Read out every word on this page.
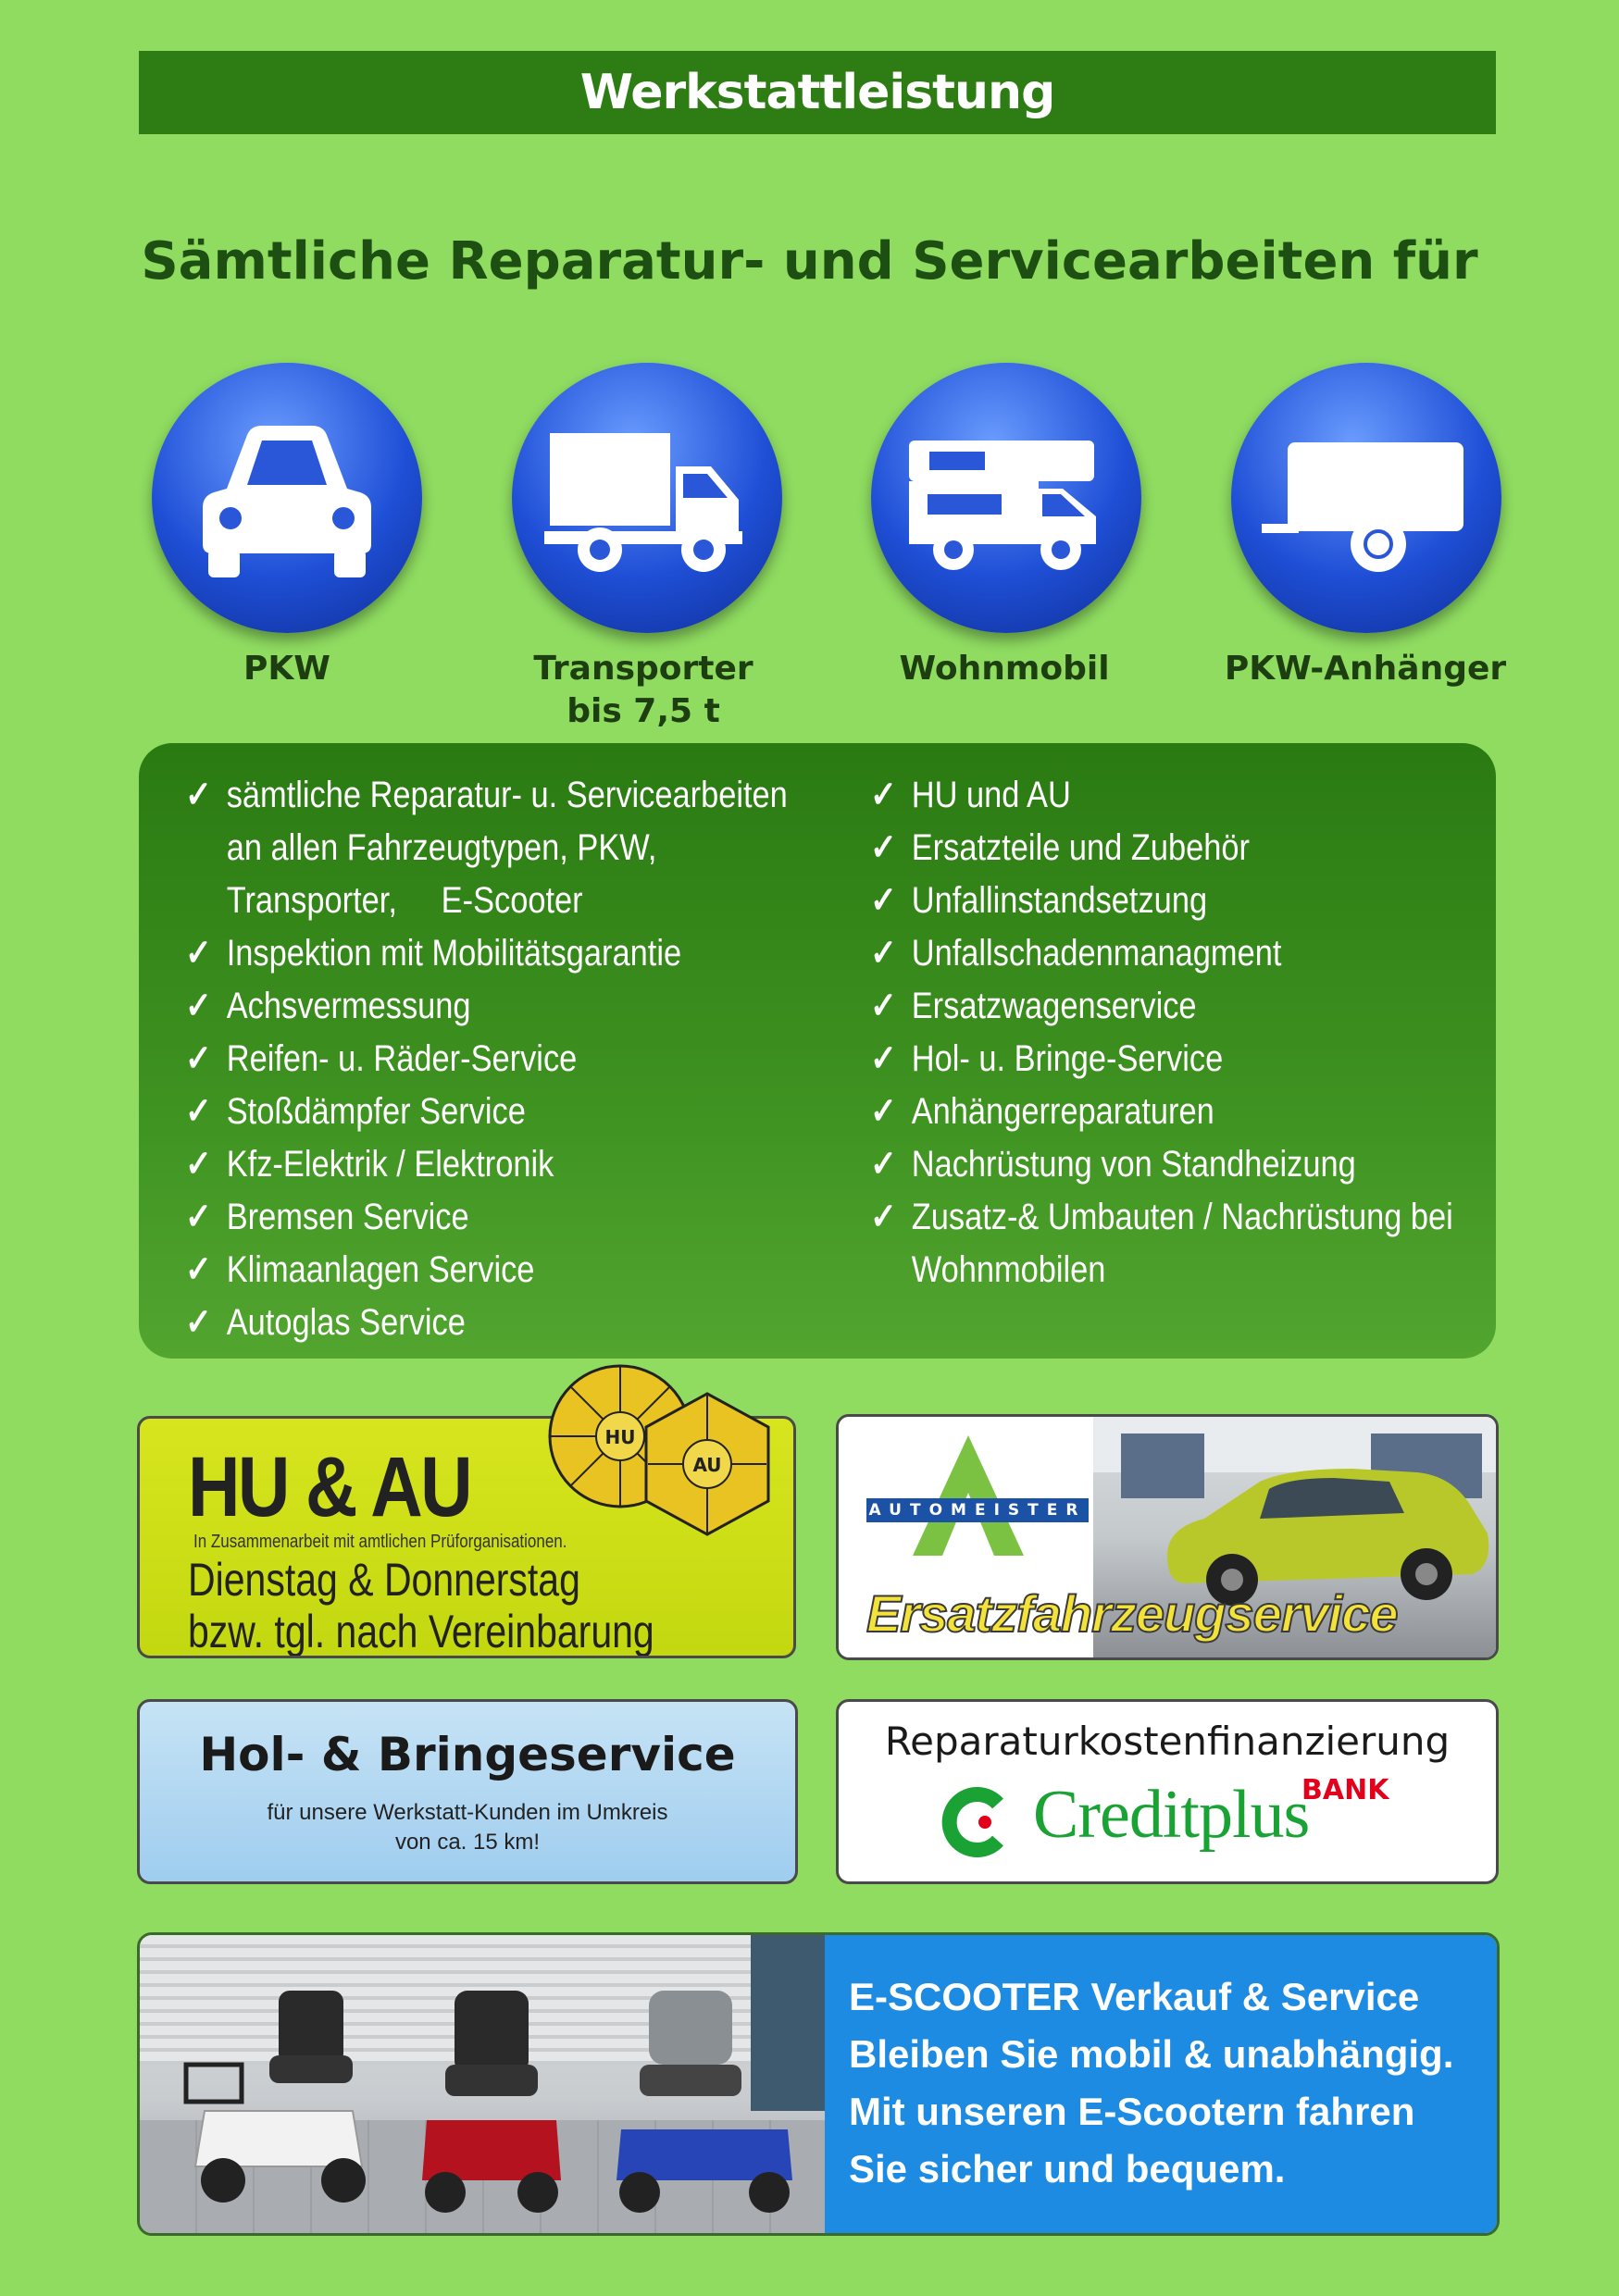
Werkstattleistung
Sämtliche Reparatur- und Servicearbeiten für
PKW	Transporter
bis 7,5 t
Wohnmobil	PKW-Anhänger
✓ sämtliche Reparatur- u. Servicearbeiten
an allen Fahrzeugtypen, PKW,
Transporter,     E-Scooter
✓ Inspektion mit Mobilitätsgarantie
✓ Achsvermessung
✓ Reifen- u. Räder-Service
✓ Stoßdämpfer Service
✓ Kfz-Elektrik / Elektronik
✓ Bremsen Service
✓ Klimaanlagen Service
✓ Autoglas Service
✓ HU und AU
✓ Ersatzteile und Zubehör
✓ Unfallinstandsetzung
✓ Unfallschadenmanagment
✓ Ersatzwagenservice
✓ Hol- u. Bringe-Service
✓ Anhängerreparaturen
✓ Nachrüstung von Standheizung
✓ Zusatz-& Umbauten / Nachrüstung bei
Wohnmobilen
HU & AU
In Zusammenarbeit mit amtlichen Prüforganisationen.
Dienstag & Donnerstag
bzw. tgl. nach Vereinbarung
HU
AU
AUTOMEISTER
Ersatzfahrzeugservice
Hol- & Bringeservice
für unsere Werkstatt-Kunden im Umkreis
von ca. 15 km!
Reparaturkostenfinanzierung
Creditplus
BANK
E-SCOOTER Verkauf & Service
Bleiben Sie mobil & unabhängig.
Mit unseren E-Scootern fahren
Sie sicher und bequem.
